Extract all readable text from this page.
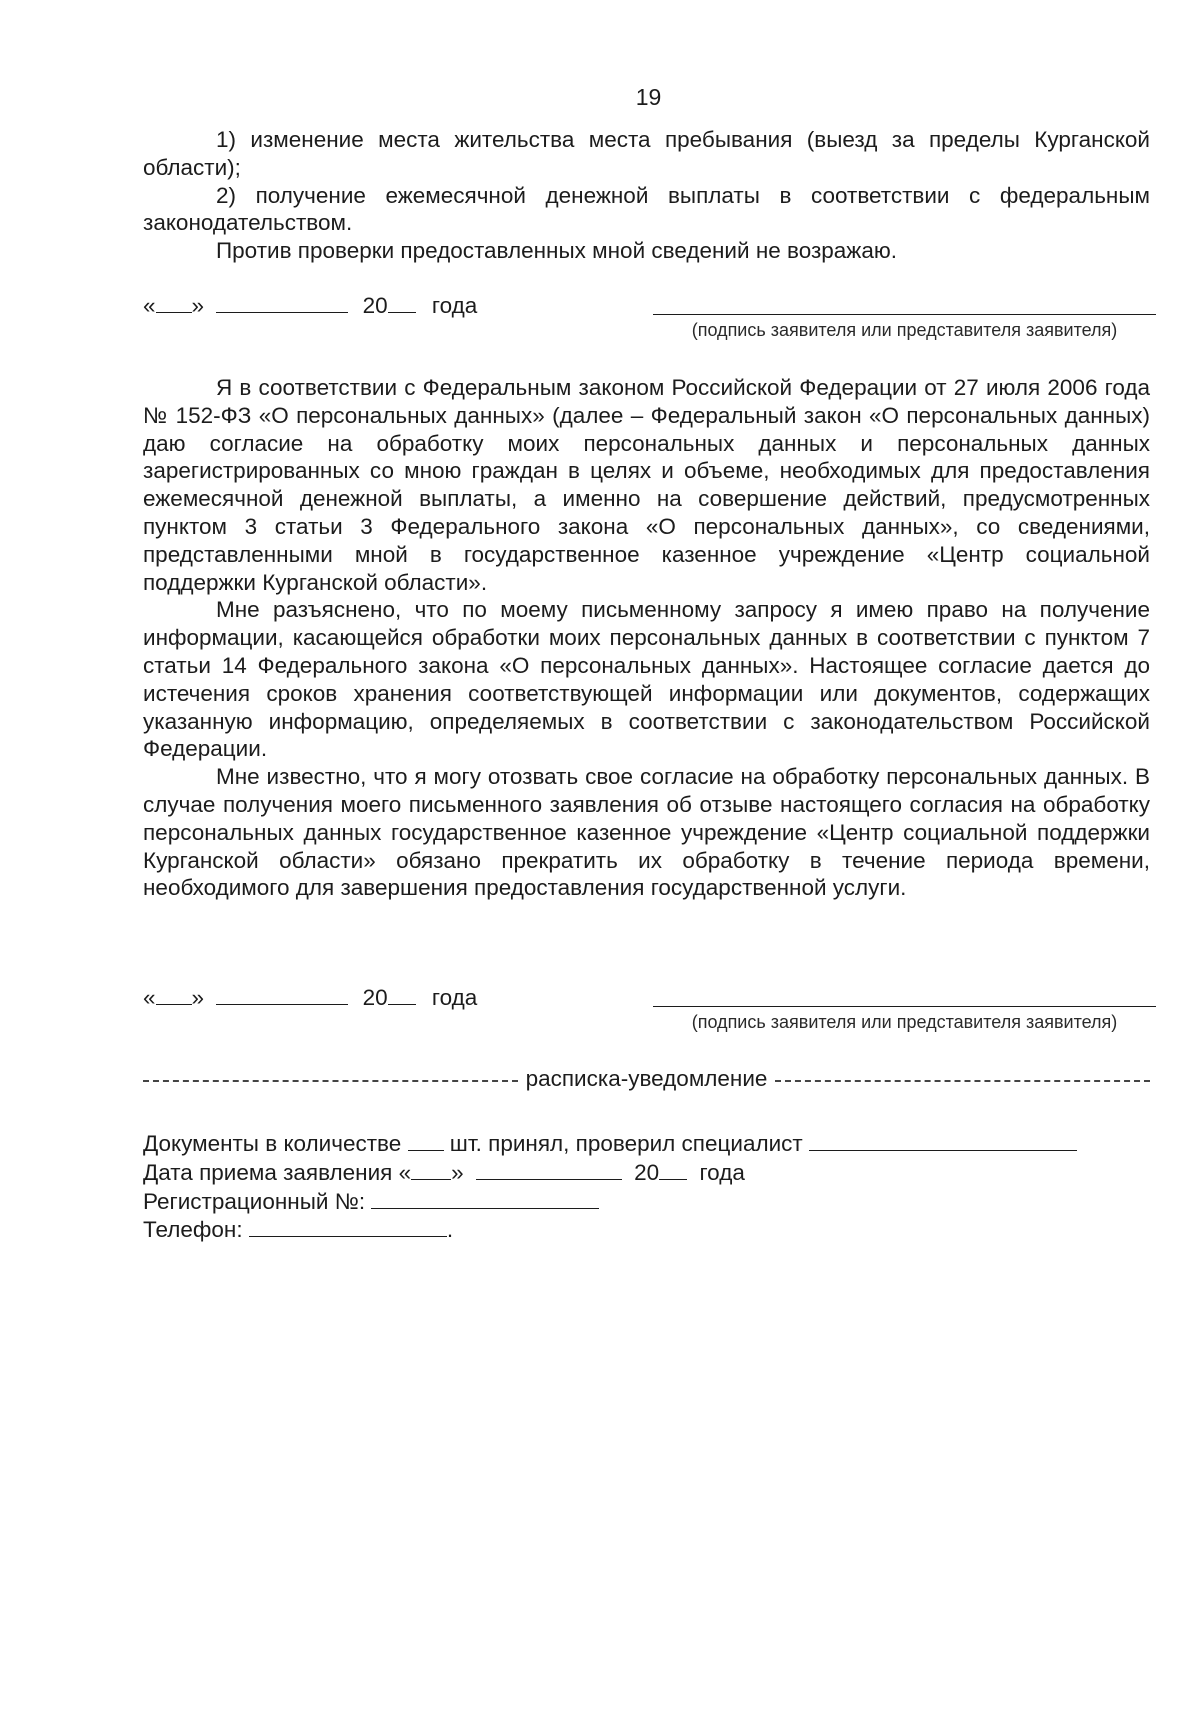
19

1) изменение места жительства места пребывания (выезд за пределы Курганской области);

2) получение ежемесячной денежной выплаты в соответствии с федеральным законодательством.

Против проверки предоставленных мной сведений не возражаю.

« »	20 года
(подпись заявителя или представителя заявителя)

Я в соответствии с Федеральным законом Российской Федерации от 27 июля 2006 года № 152-ФЗ «О персональных данных» (далее – Федеральный закон «О персональных данных) даю согласие на обработку моих персональных данных и персональных данных зарегистрированных со мною граждан в целях и объеме, необходимых для предоставления ежемесячной денежной выплаты, а именно на совершение действий, предусмотренных пунктом 3 статьи 3 Федерального закона «О персональных данных», со сведениями, представленными мной в государственное казенное учреждение «Центр социальной поддержки Курганской области».

Мне разъяснено, что по моему письменному запросу я имею право на получение информации, касающейся обработки моих персональных данных в соответствии с пунктом 7 статьи 14 Федерального закона «О персональных данных». Настоящее согласие дается до истечения сроков хранения соответствующей информации или документов, содержащих указанную информацию, определяемых в соответствии с законодательством Российской Федерации.

Мне известно, что я могу отозвать свое согласие на обработку персональных данных. В случае получения моего письменного заявления об отзыве настоящего согласия на обработку персональных данных государственное казенное учреждение «Центр социальной поддержки Курганской области» обязано прекратить их обработку в течение периода времени, необходимого для завершения предоставления государственной услуги.

« »	20 года
(подпись заявителя или представителя заявителя)
расписка-уведомление
Документы в количестве шт. принял, проверил специалист
Дата приема заявления « »	20 года
Регистрационный №:
Телефон:	.
